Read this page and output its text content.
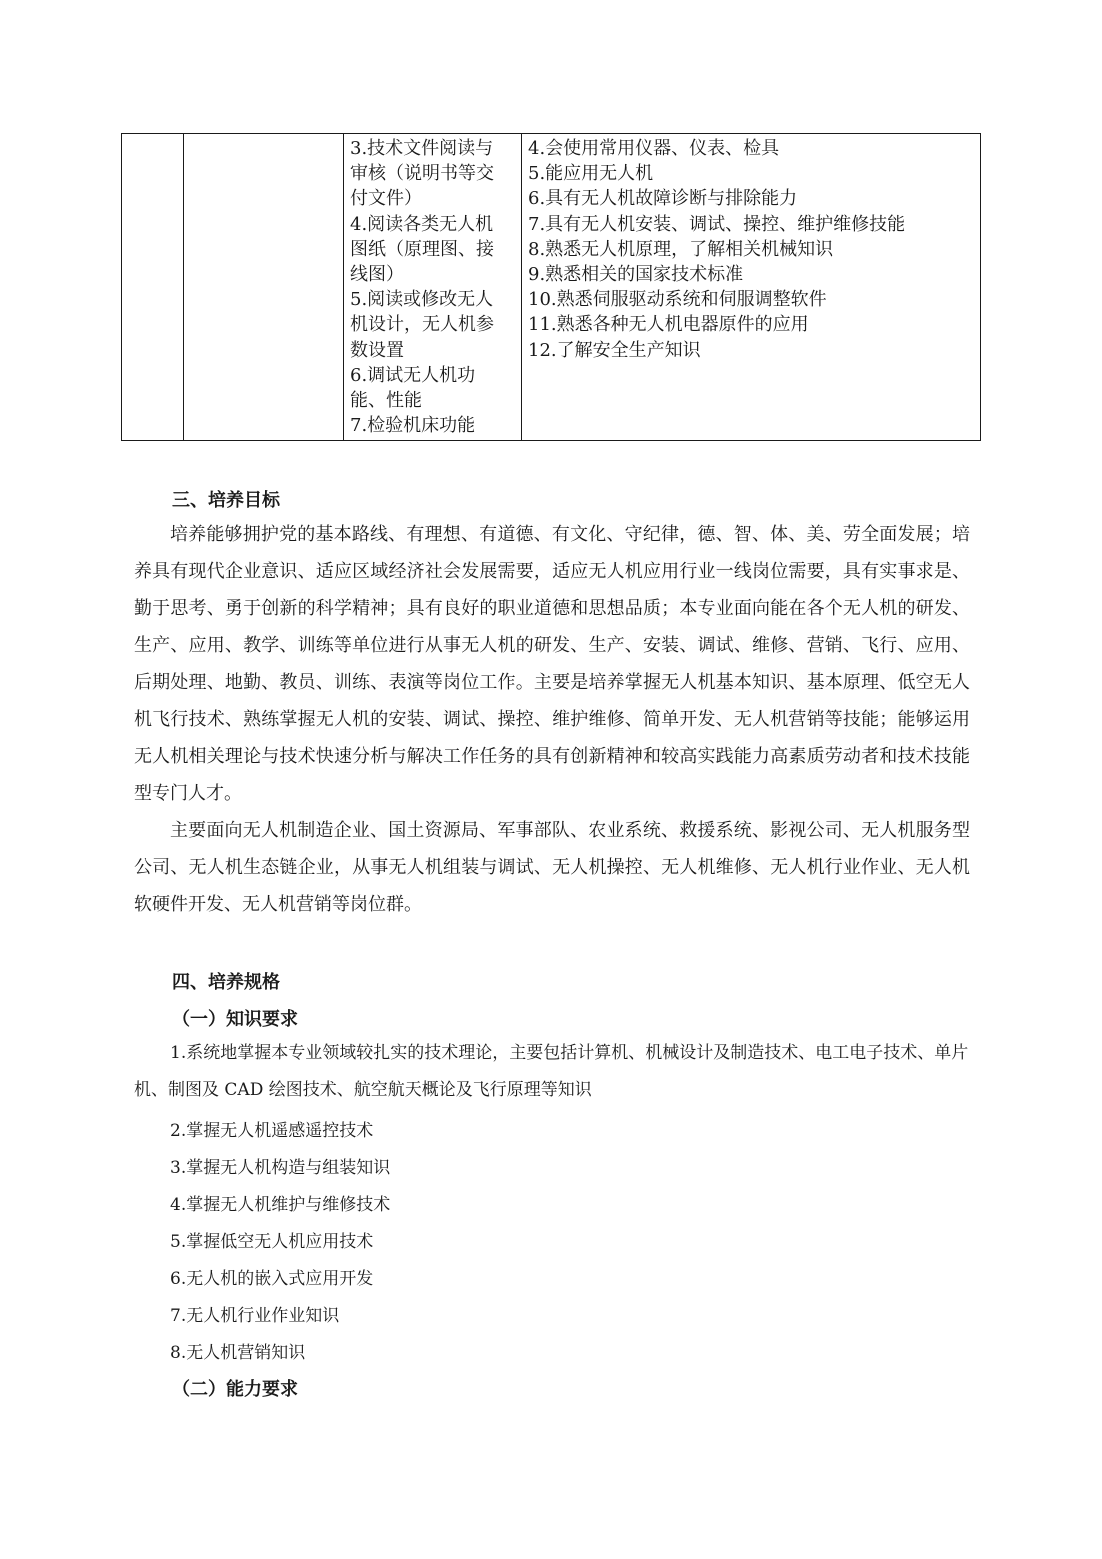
3.技术文件阅读与
审核（说明书等交
付文件）
4.阅读各类无人机
图纸（原理图、接
线图）
5.阅读或修改无人
机设计，无人机参
数设置
6.调试无人机功
能、性能
7.检验机床功能

4.会使用常用仪器、仪表、检具
5.能应用无人机
6.具有无人机故障诊断与排除能力
7.具有无人机安装、调试、操控、维护维修技能
8.熟悉无人机原理，了解相关机械知识
9.熟悉相关的国家技术标准
10.熟悉伺服驱动系统和伺服调整软件
11.熟悉各种无人机电器原件的应用
12.了解安全生产知识
三、培养目标

培养能够拥护党的基本路线、有理想、有道德、有文化、守纪律，德、智、体、美、劳全面发展；培养具有现代企业意识、适应区域经济社会发展需要，适应无人机应用行业一线岗位需要，具有实事求是、勤于思考、勇于创新的科学精神；具有良好的职业道德和思想品质；本专业面向能在各个无人机的研发、生产、应用、教学、训练等单位进行从事无人机的研发、生产、安装、调试、维修、营销、飞行、应用、后期处理、地勤、教员、训练、表演等岗位工作。主要是培养掌握无人机基本知识、基本原理、低空无人机飞行技术、熟练掌握无人机的安装、调试、操控、维护维修、简单开发、无人机营销等技能；能够运用无人机相关理论与技术快速分析与解决工作任务的具有创新精神和较高实践能力高素质劳动者和技术技能型专门人才。

主要面向无人机制造企业、国土资源局、军事部队、农业系统、救援系统、影视公司、无人机服务型公司、无人机生态链企业，从事无人机组装与调试、无人机操控、无人机维修、无人机行业作业、无人机软硬件开发、无人机营销等岗位群。

四、培养规格
（一）知识要求

1.系统地掌握本专业领域较扎实的技术理论，主要包括计算机、机械设计及制造技术、电工电子技术、单片机、制图及 CAD 绘图技术、航空航天概论及飞行原理等知识

2.掌握无人机遥感遥控技术
3.掌握无人机构造与组装知识
4.掌握无人机维护与维修技术
5.掌握低空无人机应用技术
6.无人机的嵌入式应用开发
7.无人机行业作业知识
8.无人机营销知识
（二）能力要求
